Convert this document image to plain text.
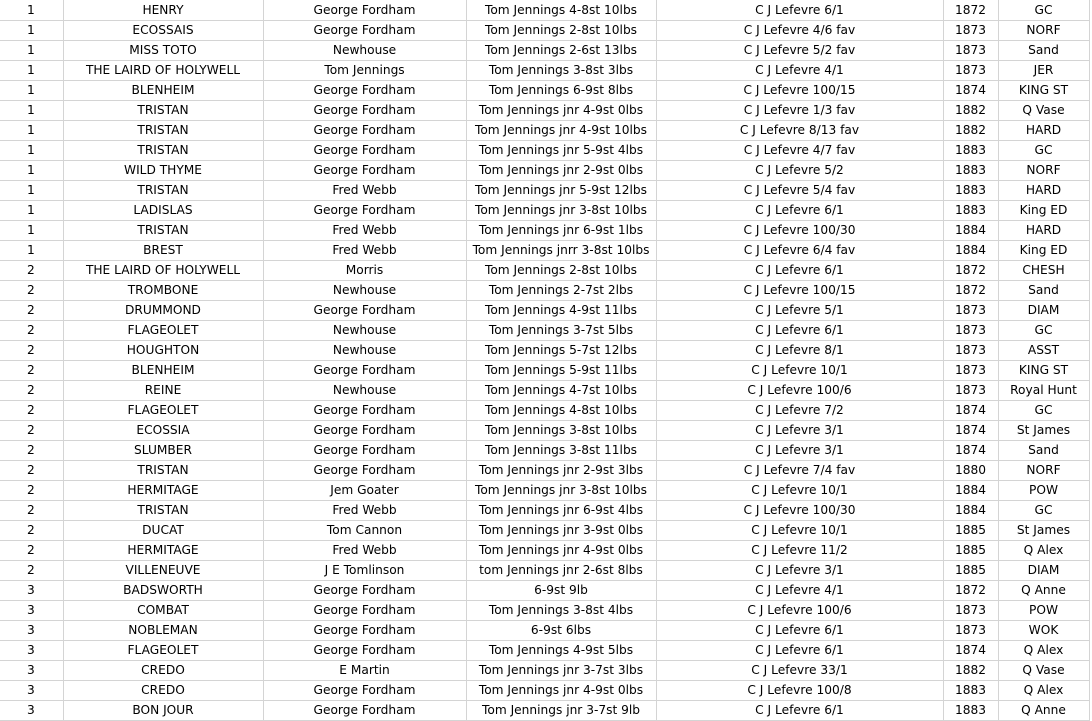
1	HENRY	George Fordham	Tom Jennings 4-8st 10lbs	C J Lefevre 6/1	1872	GC
1	ECOSSAIS	George Fordham	Tom Jennings 2-8st 10lbs	C J Lefevre 4/6 fav	1873	NORF
1	MISS TOTO	Newhouse	Tom Jennings 2-6st 13lbs	C J Lefevre 5/2 fav	1873	Sand
1	THE LAIRD OF HOLYWELL	Tom Jennings	Tom Jennings 3-8st 3lbs	C J Lefevre 4/1	1873	JER
1	BLENHEIM	George Fordham	Tom Jennings 6-9st 8lbs	C J Lefevre 100/15	1874	KING ST
1	TRISTAN	George Fordham	Tom Jennings jnr 4-9st 0lbs	C J Lefevre 1/3 fav	1882	Q Vase
1	TRISTAN	George Fordham	Tom Jennings jnr 4-9st 10lbs	C J Lefevre 8/13 fav	1882	HARD
1	TRISTAN	George Fordham	Tom Jennings jnr 5-9st 4lbs	C J Lefevre 4/7 fav	1883	GC
1	WILD THYME	George Fordham	Tom Jennings jnr 2-9st 0lbs	C J Lefevre 5/2	1883	NORF
1	TRISTAN	Fred Webb	Tom Jennings jnr 5-9st 12lbs	C J Lefevre 5/4 fav	1883	HARD
1	LADISLAS	George Fordham	Tom Jennings jnr 3-8st 10lbs	C J Lefevre 6/1	1883	King ED
1	TRISTAN	Fred Webb	Tom Jennings jnr 6-9st 1lbs	C J Lefevre 100/30	1884	HARD
1	BREST	Fred Webb	Tom Jennings jnrr 3-8st 10lbs	C J Lefevre 6/4 fav	1884	King ED
2	THE LAIRD OF HOLYWELL	Morris	Tom Jennings 2-8st 10lbs	C J Lefevre 6/1	1872	CHESH
2	TROMBONE	Newhouse	Tom Jennings 2-7st 2lbs	C J Lefevre 100/15	1872	Sand
2	DRUMMOND	George Fordham	Tom Jennings 4-9st 11lbs	C J Lefevre 5/1	1873	DIAM
2	FLAGEOLET	Newhouse	Tom Jennings 3-7st 5lbs	C J Lefevre 6/1	1873	GC
2	HOUGHTON	Newhouse	Tom Jennings 5-7st 12lbs	C J Lefevre 8/1	1873	ASST
2	BLENHEIM	George Fordham	Tom Jennings 5-9st 11lbs	C J Lefevre 10/1	1873	KING ST
2	REINE	Newhouse	Tom Jennings 4-7st 10lbs	C J Lefevre 100/6	1873	Royal Hunt
2	FLAGEOLET	George Fordham	Tom Jennings 4-8st 10lbs	C J Lefevre 7/2	1874	GC
2	ECOSSIA	George Fordham	Tom Jennings 3-8st 10lbs	C J Lefevre 3/1	1874	St James
2	SLUMBER	George Fordham	Tom Jennings 3-8st 11lbs	C J Lefevre 3/1	1874	Sand
2	TRISTAN	George Fordham	Tom Jennings jnr 2-9st 3lbs	C J Lefevre 7/4 fav	1880	NORF
2	HERMITAGE	Jem Goater	Tom Jennings jnr 3-8st 10lbs	C J Lefevre 10/1	1884	POW
2	TRISTAN	Fred Webb	Tom Jennings jnr 6-9st 4lbs	C J Lefevre 100/30	1884	GC
2	DUCAT	Tom Cannon	Tom Jennings jnr 3-9st 0lbs	C J Lefevre 10/1	1885	St James
2	HERMITAGE	Fred Webb	Tom Jennings jnr 4-9st 0lbs	C J Lefevre 11/2	1885	Q Alex
2	VILLENEUVE	J E Tomlinson	tom Jennings jnr 2-6st 8lbs	C J Lefevre 3/1	1885	DIAM
3	BADSWORTH	George Fordham	6-9st 9lb	C J Lefevre 4/1	1872	Q Anne
3	COMBAT	George Fordham	Tom Jennings 3-8st 4lbs	C J Lefevre 100/6	1873	POW
3	NOBLEMAN	George Fordham	6-9st 6lbs	C J Lefevre 6/1	1873	WOK
3	FLAGEOLET	George Fordham	Tom Jennings 4-9st 5lbs	C J Lefevre 6/1	1874	Q Alex
3	CREDO	E Martin	Tom Jennings jnr 3-7st 3lbs	C J Lefevre 33/1	1882	Q Vase
3	CREDO	George Fordham	Tom Jennings jnr 4-9st 0lbs	C J Lefevre 100/8	1883	Q Alex
3	BON JOUR	George Fordham	Tom Jennings jnr 3-7st 9lb	C J Lefevre 6/1	1883	Q Anne
